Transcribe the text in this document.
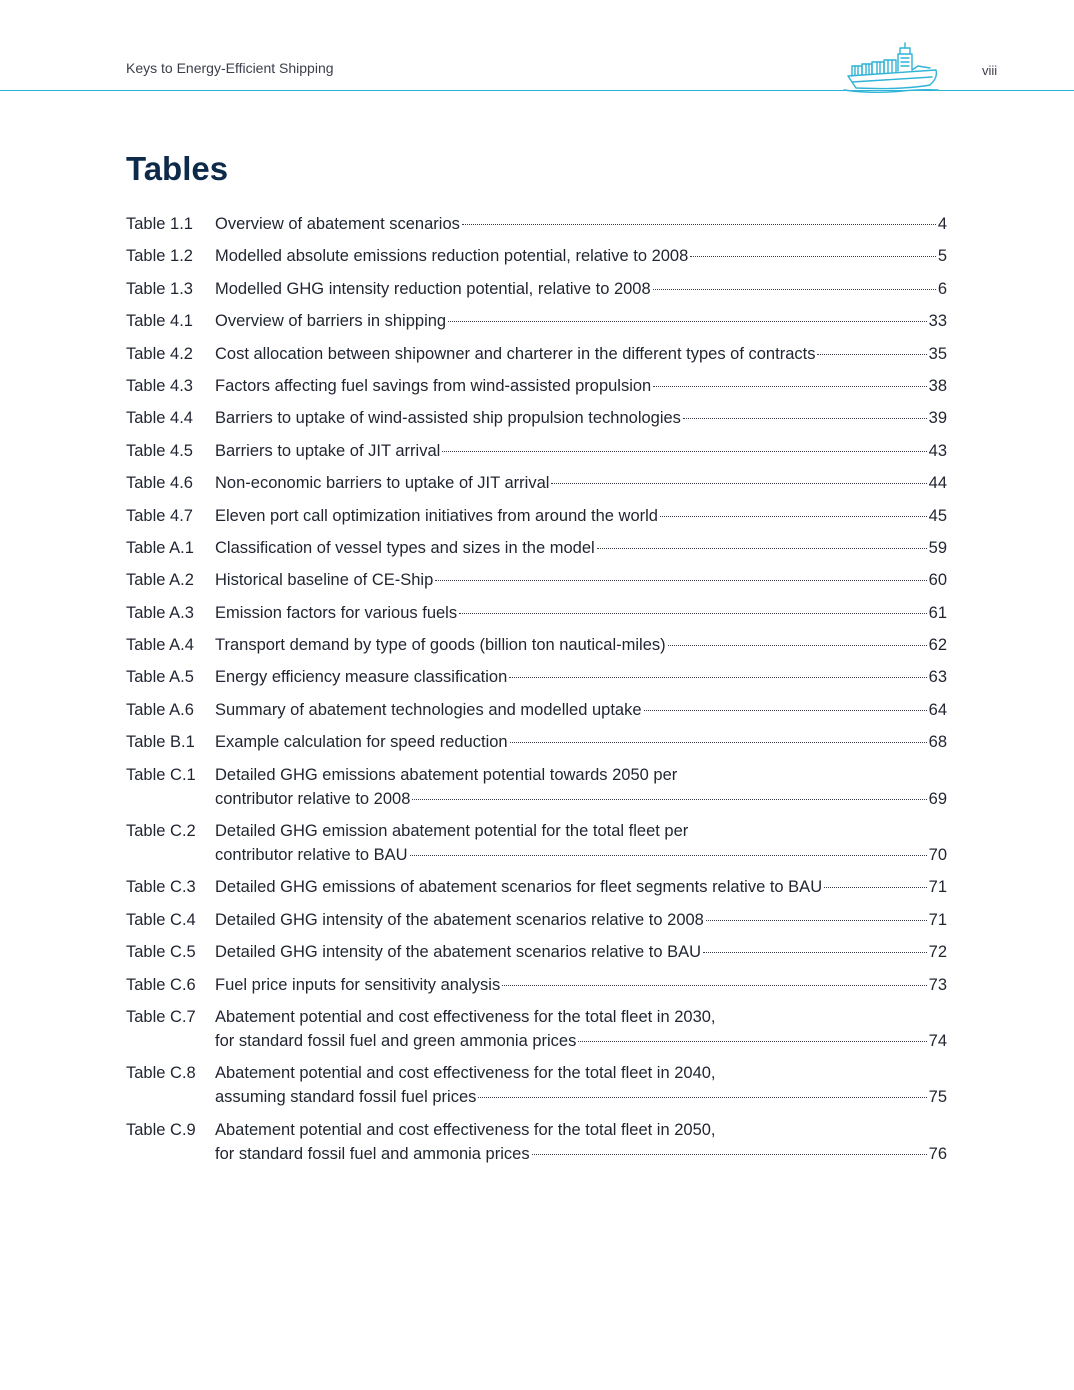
Keys to Energy-Efficient Shipping	viii
Tables
Table 1.1	Overview of abatement scenarios	4
Table 1.2	Modelled absolute emissions reduction potential, relative to 2008	5
Table 1.3	Modelled GHG intensity reduction potential, relative to 2008	6
Table 4.1	Overview of barriers in shipping	33
Table 4.2	Cost allocation between shipowner and charterer in the different types of contracts	35
Table 4.3	Factors affecting fuel savings from wind-assisted propulsion	38
Table 4.4	Barriers to uptake of wind-assisted ship propulsion technologies	39
Table 4.5	Barriers to uptake of JIT arrival	43
Table 4.6	Non-economic barriers to uptake of JIT arrival	44
Table 4.7	Eleven port call optimization initiatives from around the world	45
Table A.1	Classification of vessel types and sizes in the model	59
Table A.2	Historical baseline of CE-Ship	60
Table A.3	Emission factors for various fuels	61
Table A.4	Transport demand by type of goods (billion ton nautical-miles)	62
Table A.5	Energy efficiency measure classification	63
Table A.6	Summary of abatement technologies and modelled uptake	64
Table B.1	Example calculation for speed reduction	68
Table C.1	Detailed GHG emissions abatement potential towards 2050 per
contributor relative to 2008	69
Table C.2	Detailed GHG emission abatement potential for the total fleet per
contributor relative to BAU	70
Table C.3	Detailed GHG emissions of abatement scenarios for fleet segments relative to BAU	71
Table C.4	Detailed GHG intensity of the abatement scenarios relative to 2008	71
Table C.5	Detailed GHG intensity of the abatement scenarios relative to BAU	72
Table C.6	Fuel price inputs for sensitivity analysis	73
Table C.7	Abatement potential and cost effectiveness for the total fleet in 2030,
for standard fossil fuel and green ammonia prices	74
Table C.8	Abatement potential and cost effectiveness for the total fleet in 2040,
assuming standard fossil fuel prices	75
Table C.9	Abatement potential and cost effectiveness for the total fleet in 2050,
for standard fossil fuel and ammonia prices	76
